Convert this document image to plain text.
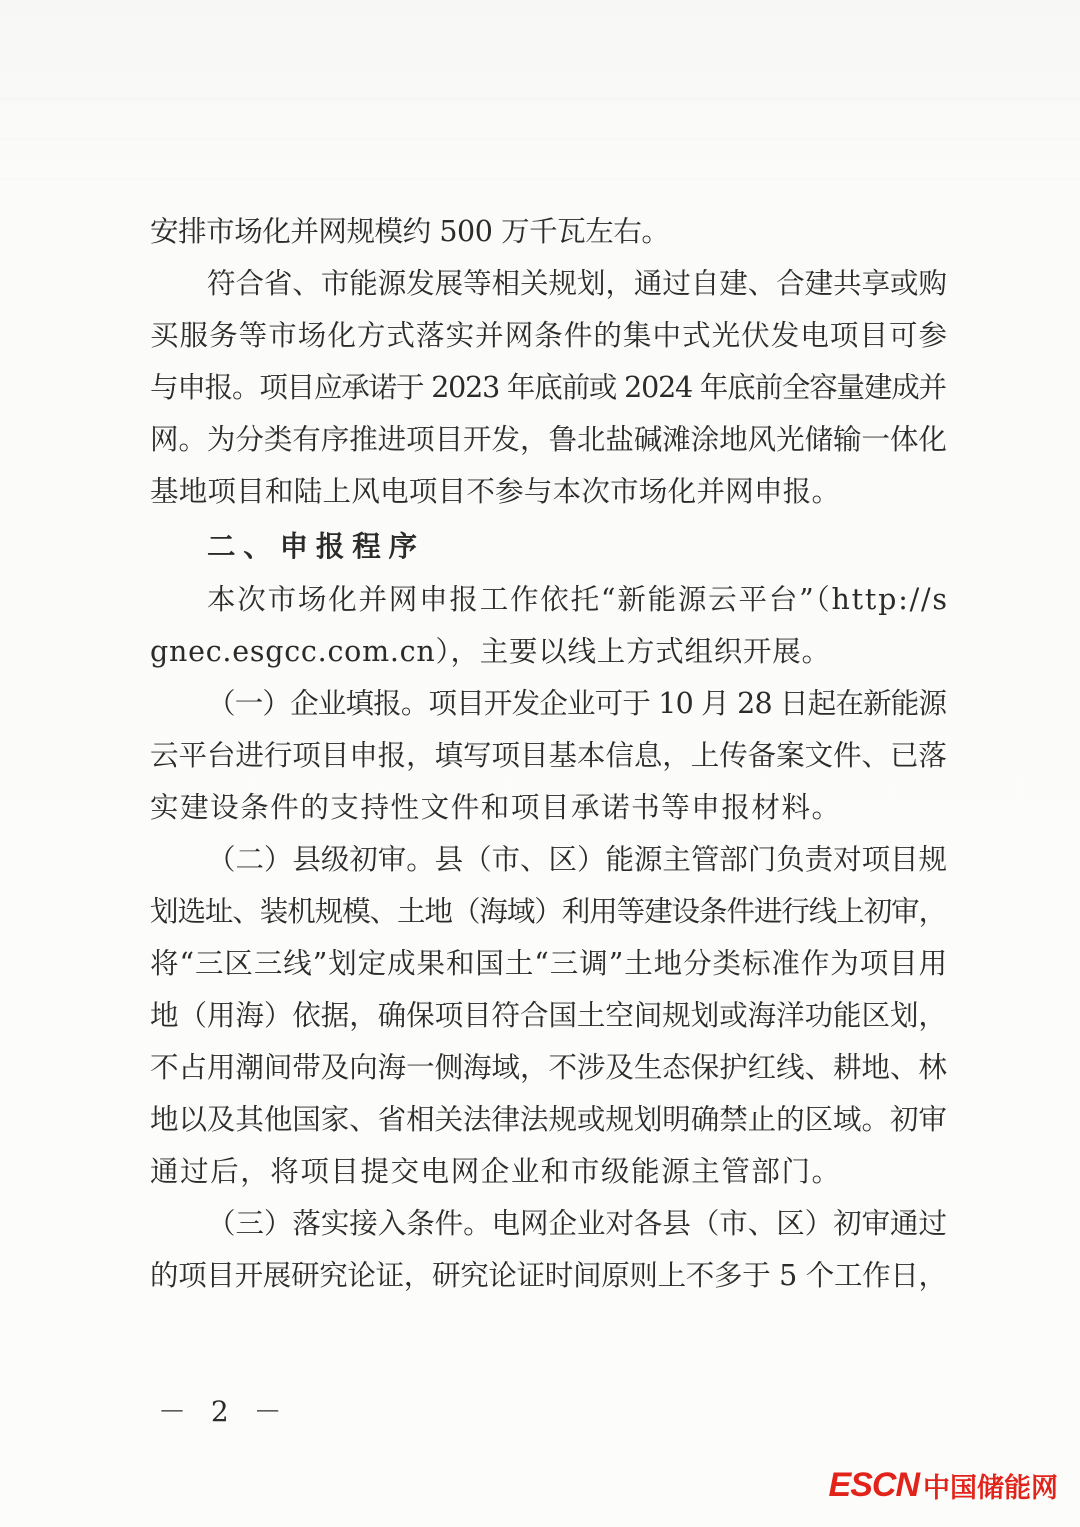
安排市场化并网规模约 500 万千瓦左右。

符合省、市能源发展等相关规划，通过自建、合建共享或购

买服务等市场化方式落实并网条件的集中式光伏发电项目可参

与申报。项目应承诺于 2023 年底前或 2024 年底前全容量建成并

网。为分类有序推进项目开发，鲁北盐碱滩涂地风光储输一体化

基地项目和陆上风电项目不参与本次市场化并网申报。

二、申报程序

本次市场化并网申报工作依托“新能源云平台”（http://s

gnec.esgcc.com.cn），主要以线上方式组织开展。

（一）企业填报。项目开发企业可于 10 月 28 日起在新能源

云平台进行项目申报，填写项目基本信息，上传备案文件、已落

实建设条件的支持性文件和项目承诺书等申报材料。

（二）县级初审。县（市、区）能源主管部门负责对项目规

划选址、装机规模、土地（海域）利用等建设条件进行线上初审，

将“三区三线”划定成果和国土“三调”土地分类标准作为项目用

地（用海）依据，确保项目符合国土空间规划或海洋功能区划，

不占用潮间带及向海一侧海域，不涉及生态保护红线、耕地、林

地以及其他国家、省相关法律法规或规划明确禁止的区域。初审

通过后，将项目提交电网企业和市级能源主管部门。

（三）落实接入条件。电网企业对各县（市、区）初审通过

的项目开展研究论证，研究论证时间原则上不多于 5 个工作日，

－ 2 －
ESCN 中国储能网
